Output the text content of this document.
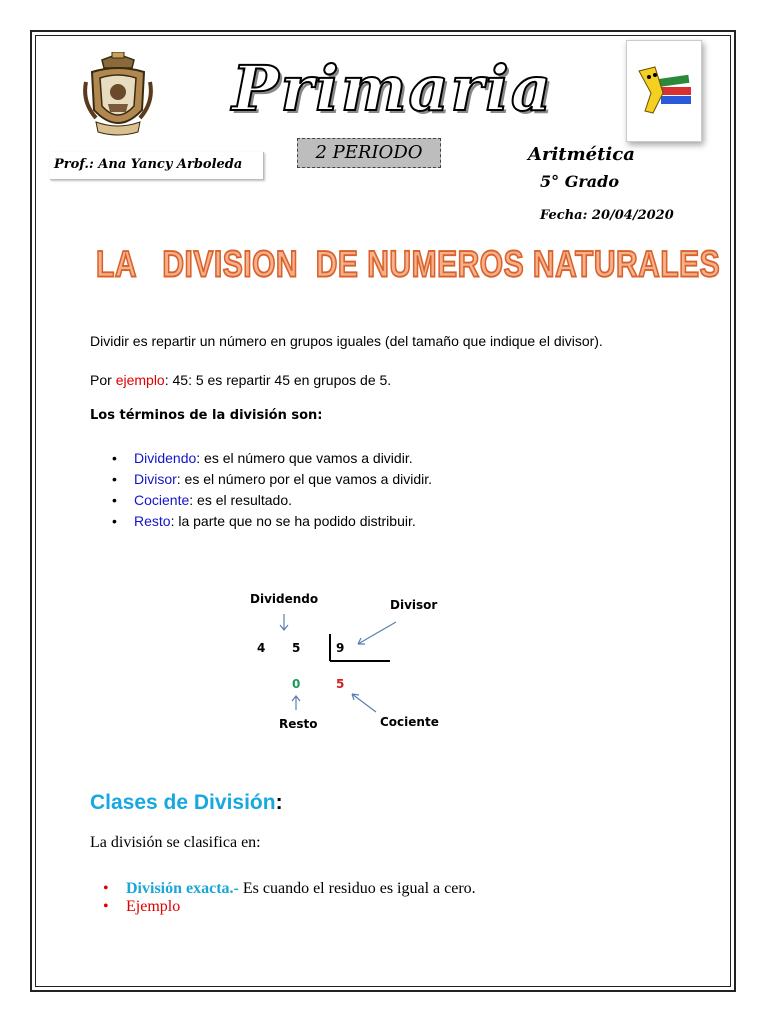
Primaria
Prof.: Ana Yancy Arboleda
2 PERIODO	Aritmética
5° Grado
Fecha: 20/04/2020
LA   DIVISION  DE NUMEROS NATURALES
Dividir es repartir un número en grupos iguales (del tamaño que indique el divisor).
Por ejemplo: 45: 5 es repartir 45 en grupos de 5.
Los términos de la división son:
• Dividendo: es el número que vamos a dividir.
• Divisor: es el número por el que vamos a dividir.
• Cociente: es el resultado.
• Resto: la parte que no se ha podido distribuir.
Dividendo	Divisor
4 5	9
0	5
Resto	Cociente
Clases de División:
La división se clasifica en:
• División exacta.- Es cuando el residuo es igual a cero.
• Ejemplo
